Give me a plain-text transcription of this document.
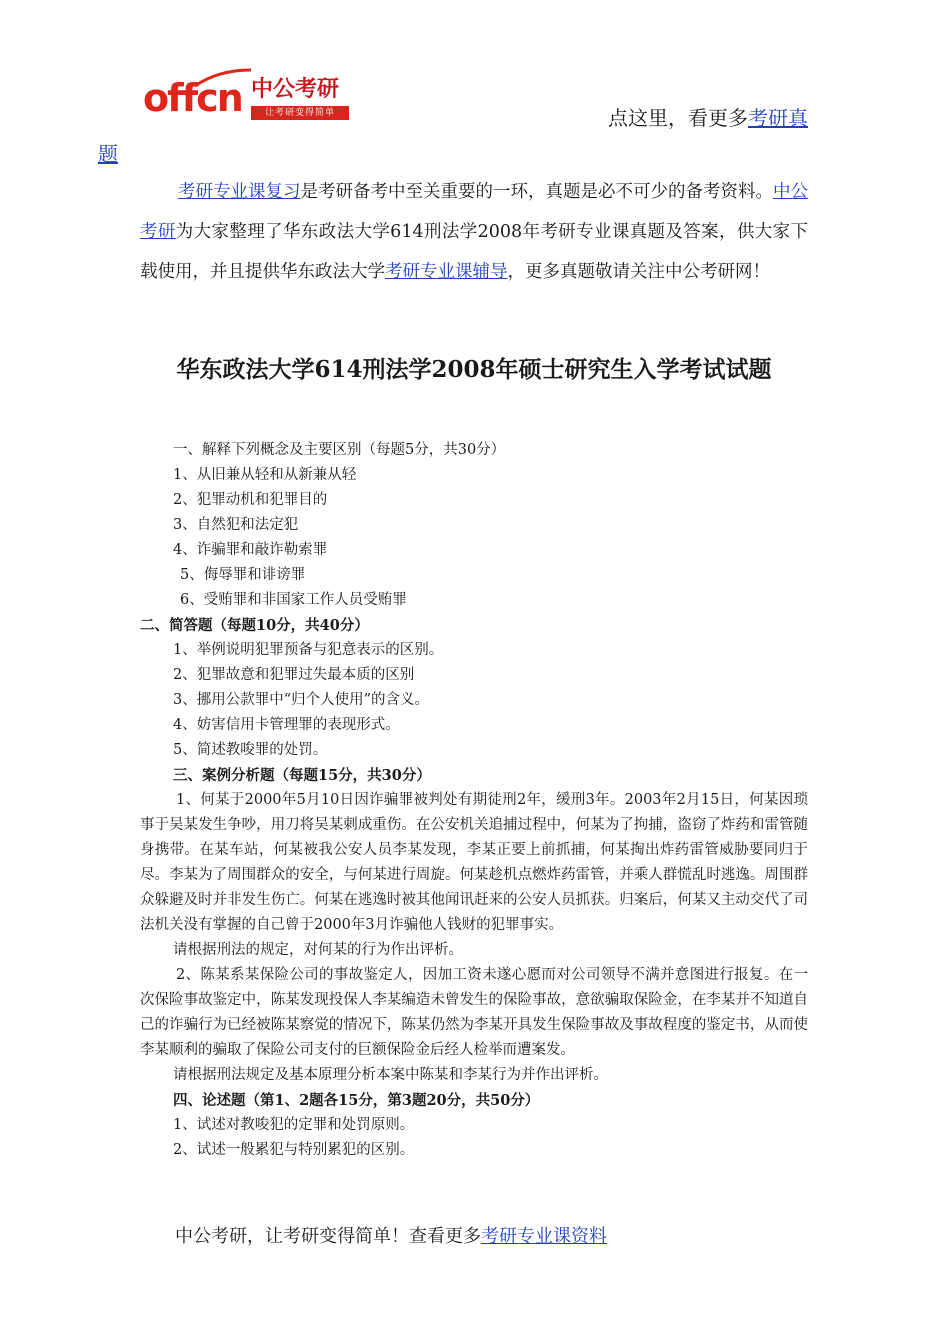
offcn 中公考研
让考研变得简单	点这里，看更多考研真
题
考研专业课复习是考研备考中至关重要的一环，真题是必不可少的备考资料。中公考研为大家整理了华东政法大学614刑法学2008年考研专业课真题及答案，供大家下载使用，并且提供华东政法大学考研专业课辅导，更多真题敬请关注中公考研网！
华东政法大学614刑法学2008年硕士研究生入学考试试题
一、解释下列概念及主要区别（每题5分，共30分）
1、从旧兼从轻和从新兼从轻
2、犯罪动机和犯罪目的
3、自然犯和法定犯
4、诈骗罪和敲诈勒索罪
5、侮辱罪和诽谤罪
6、受贿罪和非国家工作人员受贿罪
二、简答题（每题10分，共40分）
1、举例说明犯罪预备与犯意表示的区别。
2、犯罪故意和犯罪过失最本质的区别
3、挪用公款罪中“归个人使用”的含义。
4、妨害信用卡管理罪的表现形式。
5、简述教唆罪的处罚。
三、案例分析题（每题15分，共30分）
1、何某于2000年5月10日因诈骗罪被判处有期徒刑2年，缓刑3年。2003年2月15日，何某因琐事于吴某发生争吵，用刀将吴某刺成重伤。在公安机关追捕过程中，何某为了拘捕，盗窃了炸药和雷管随身携带。在某车站，何某被我公安人员李某发现，李某正要上前抓捕，何某掏出炸药雷管威胁要同归于尽。李某为了周围群众的安全，与何某进行周旋。何某趁机点燃炸药雷管，并乘人群慌乱时逃逸。周围群众躲避及时并非发生伤亡。何某在逃逸时被其他闻讯赶来的公安人员抓获。归案后，何某又主动交代了司法机关没有掌握的自己曾于2000年3月诈骗他人钱财的犯罪事实。
请根据刑法的规定，对何某的行为作出评析。
2、陈某系某保险公司的事故鉴定人，因加工资未遂心愿而对公司领导不满并意图进行报复。在一次保险事故鉴定中，陈某发现投保人李某编造未曾发生的保险事故，意欲骗取保险金，在李某并不知道自己的诈骗行为已经被陈某察觉的情况下，陈某仍然为李某开具发生保险事故及事故程度的鉴定书，从而使李某顺利的骗取了保险公司支付的巨额保险金后经人检举而遭案发。
请根据刑法规定及基本原理分析本案中陈某和李某行为并作出评析。
四、论述题（第1、2题各15分，第3题20分，共50分）
1、试述对教唆犯的定罪和处罚原则。
2、试述一般累犯与特别累犯的区别。
中公考研，让考研变得简单！查看更多考研专业课资料
